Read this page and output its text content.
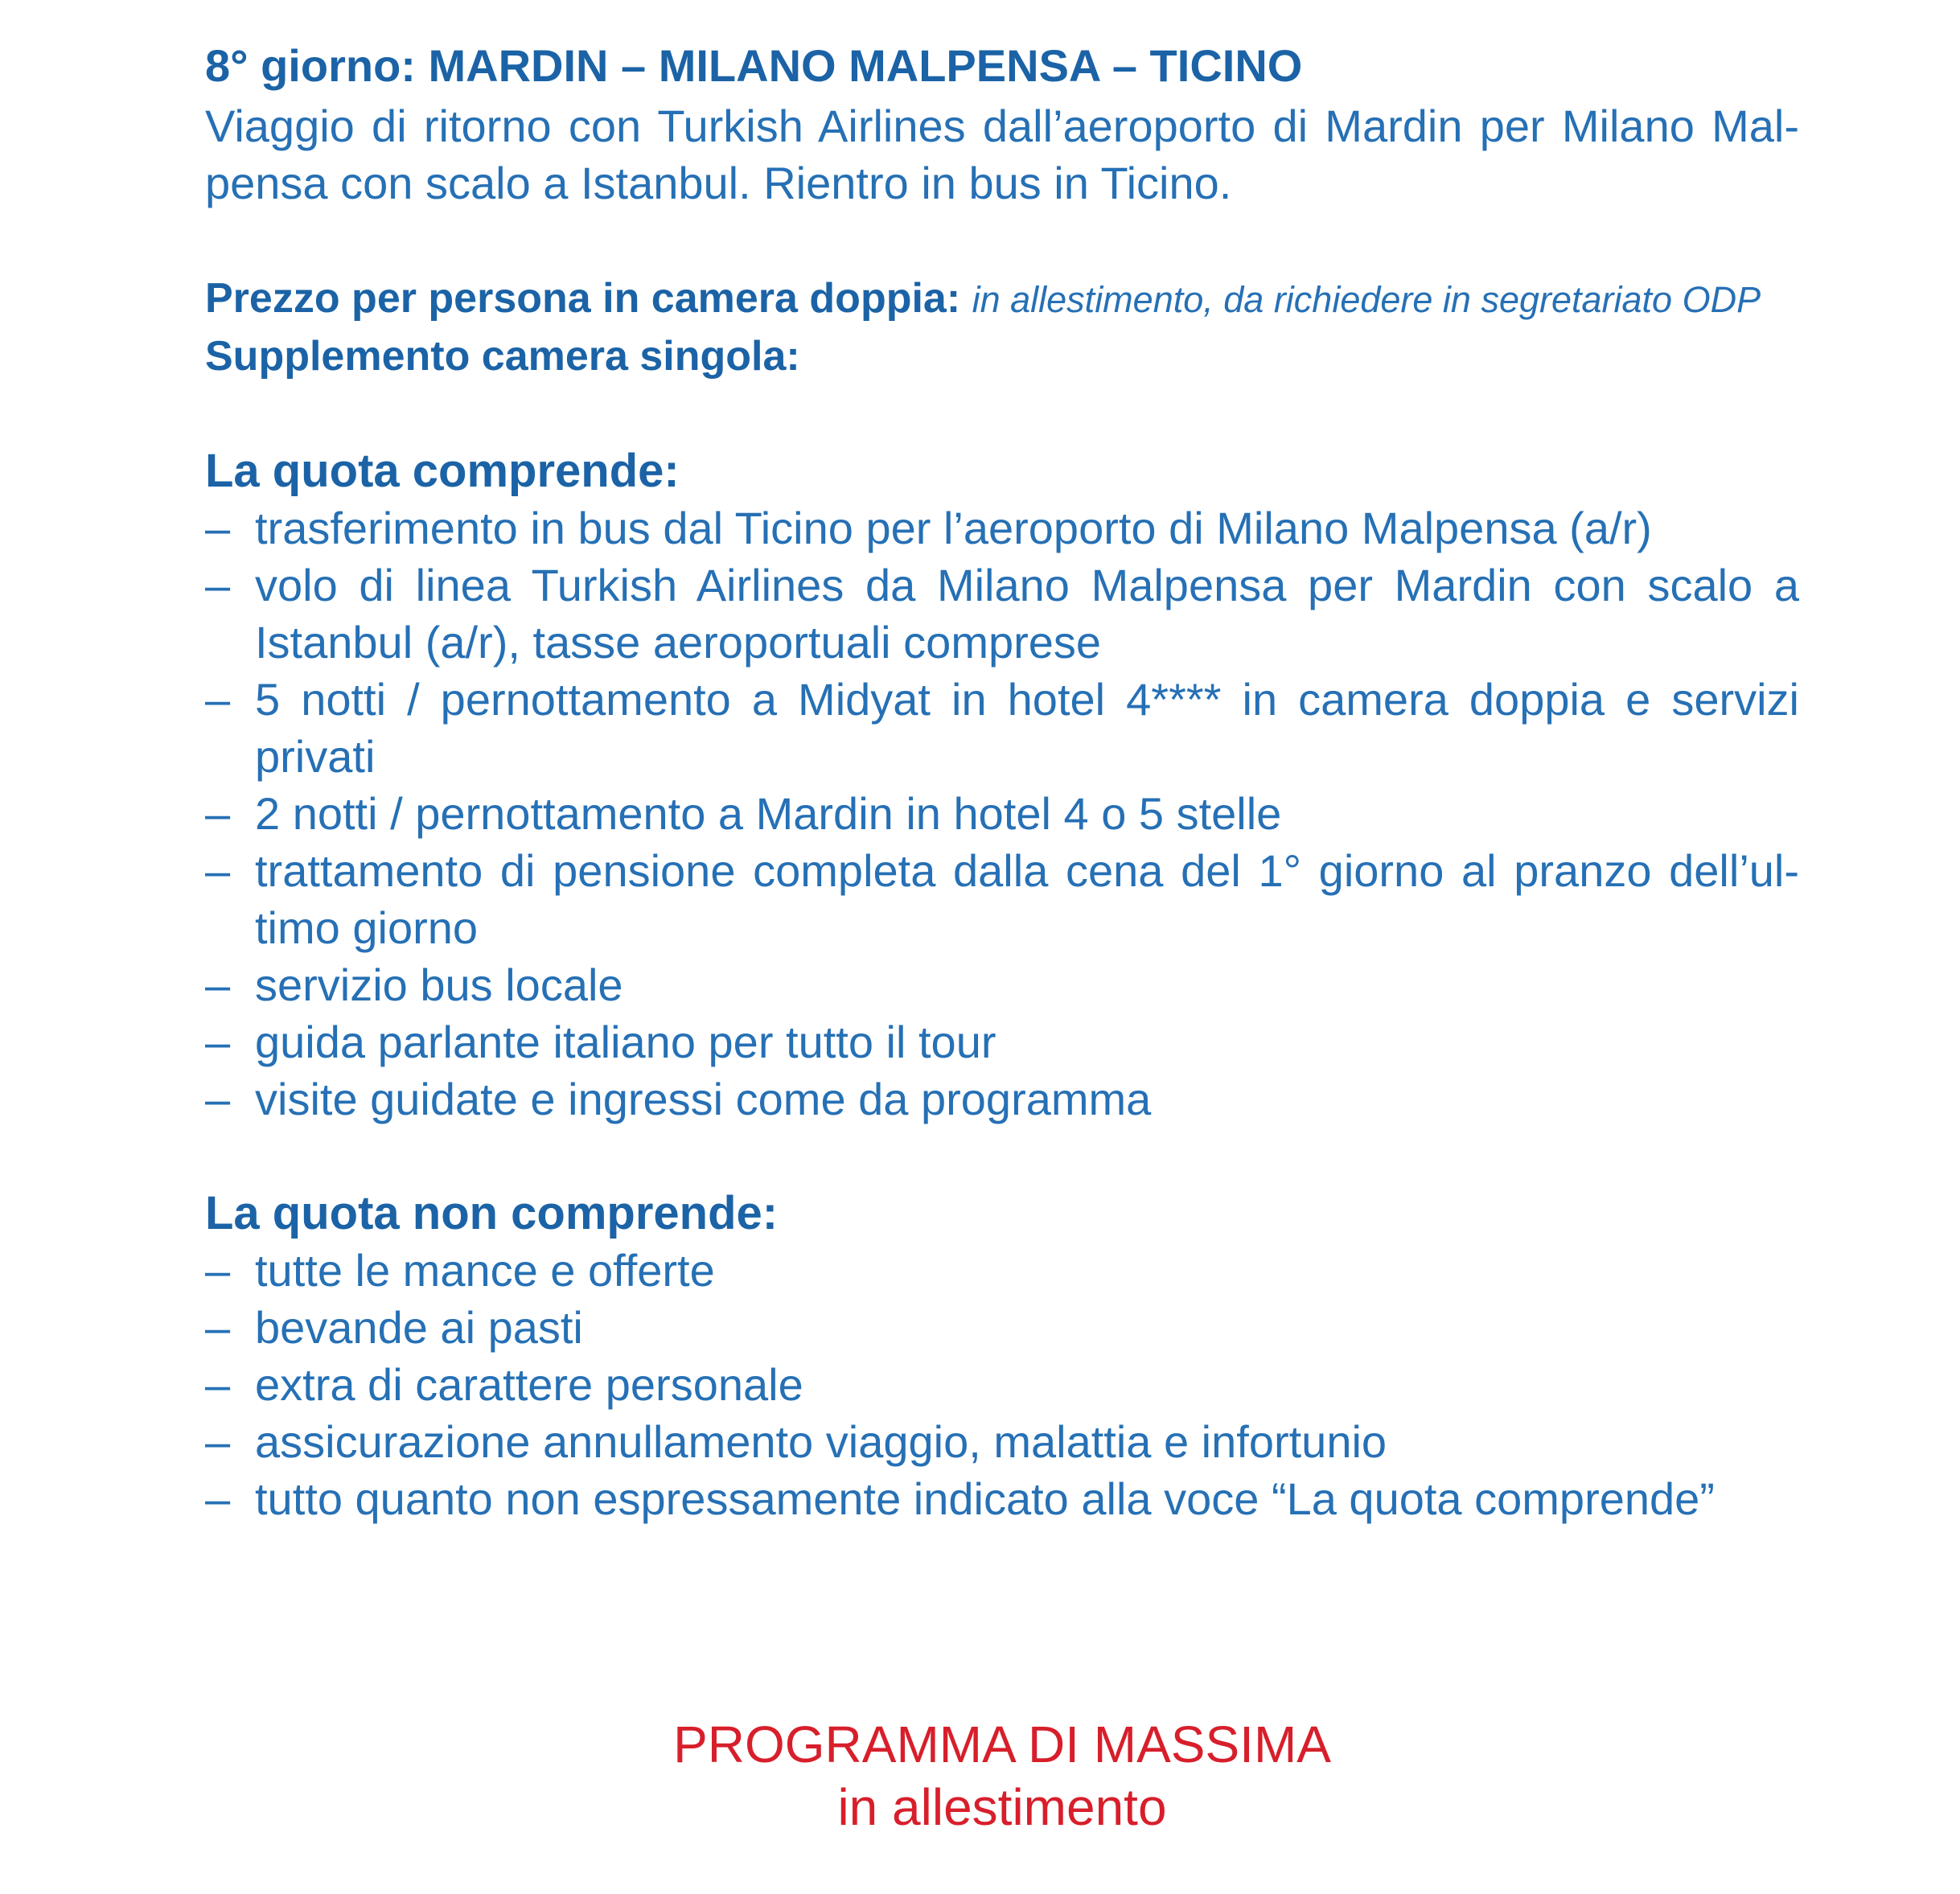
8° giorno: MARDIN – MILANO MALPENSA – TICINO
Viaggio di ritorno con Turkish Airlines dall’aeroporto di Mardin per Milano Mal-
pensa con scalo a Istanbul. Rientro in bus in Ticino.
Prezzo per persona in camera doppia: in allestimento, da richiedere in segretariato ODP
Supplemento camera singola:
La quota comprende:
– trasferimento in bus dal Ticino per l’aeroporto di Milano Malpensa (a/r)
– volo di linea Turkish Airlines da Milano Malpensa per Mardin con scalo a
Istanbul (a/r), tasse aeroportuali comprese
– 5 notti / pernottamento a Midyat in hotel 4**** in camera doppia e servizi
privati
– 2 notti / pernottamento a Mardin in hotel 4 o 5 stelle
– trattamento di pensione completa dalla cena del 1° giorno al pranzo dell’ul-
timo giorno
– servizio bus locale
– guida parlante italiano per tutto il tour
– visite guidate e ingressi come da programma
La quota non comprende:
– tutte le mance e offerte
– bevande ai pasti
– extra di carattere personale
– assicurazione annullamento viaggio, malattia e infortunio
– tutto quanto non espressamente indicato alla voce “La quota comprende”
PROGRAMMA DI MASSIMA
in allestimento
